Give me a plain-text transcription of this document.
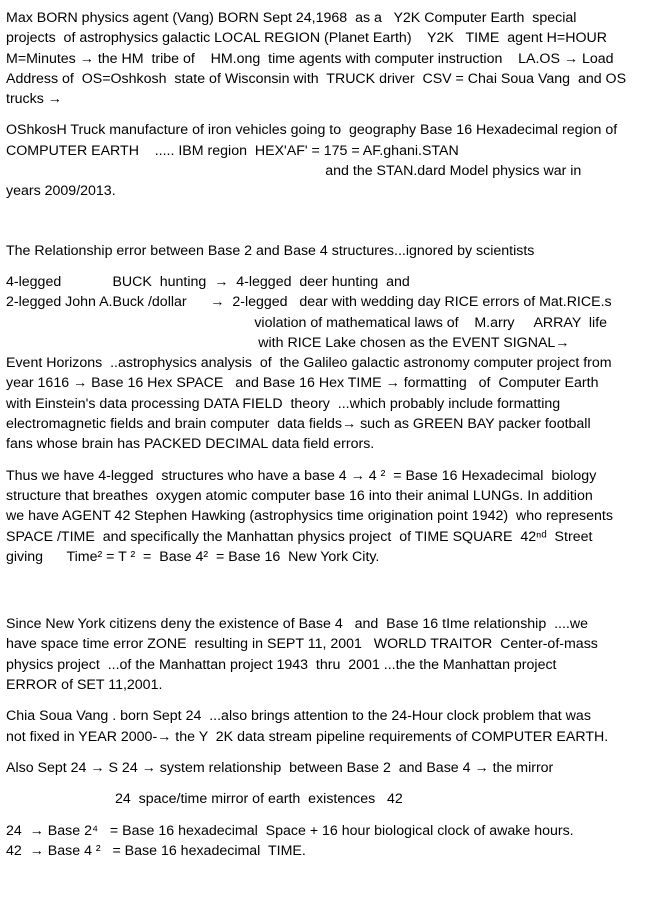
Max BORN physics agent (Vang) BORN Sept 24,1968  as a   Y2K Computer Earth  special
projects  of astrophysics galactic LOCAL REGION (Planet Earth)    Y2K   TIME  agent H=HOUR
M=Minutes → the HM  tribe of    HM.ong  time agents with computer instruction    LA.OS → Load
Address of  OS=Oshkosh  state of Wisconsin with  TRUCK driver  CSV = Chai Soua Vang  and OS
trucks →
OShkosH Truck manufacture of iron vehicles going to  geography Base 16 Hexadecimal region of
COMPUTER EARTH    ..... IBM region  HEX'AF' = 175 = AF.ghani.STAN
and the STAN.dard Model physics war in
years 2009/2013.
The Relationship error between Base 2 and Base 4 structures...ignored by scientists
4-legged             BUCK  hunting  →  4-legged  deer hunting  and
2-legged John A.Buck /dollar      →  2-legged   dear with wedding day RICE errors of Mat.RICE.s
violation of mathematical laws of    M.arry     ARRAY  life
with RICE Lake chosen as the EVENT SIGNAL→
Event Horizons  ..astrophysics analysis  of  the Galileo galactic astronomy computer project from
year 1616 → Base 16 Hex SPACE   and Base 16 Hex TIME → formatting   of  Computer Earth
with Einstein's data processing DATA FIELD  theory  ...which probably include formatting
electromagnetic fields and brain computer  data fields→ such as GREEN BAY packer football
fans whose brain has PACKED DECIMAL data field errors.
Thus we have 4-legged  structures who have a base 4 → 4 ²  = Base 16 Hexadecimal  biology
structure that breathes  oxygen atomic computer base 16 into their animal LUNGs. In addition
we have AGENT 42 Stephen Hawking (astrophysics time origination point 1942)  who represents
SPACE /TIME  and specifically the Manhattan physics project  of TIME SQUARE  42ⁿᵈ  Street
giving      Time² = T ²  =  Base 4²  = Base 16  New York City.
Since New York citizens deny the existence of Base 4   and  Base 16 tIme relationship  ....we
have space time error ZONE  resulting in SEPT 11, 2001   WORLD TRAITOR  Center-of-mass
physics project  ...of the Manhattan project 1943  thru  2001 ...the the Manhattan project
ERROR of SET 11,2001.
Chia Soua Vang . born Sept 24  ...also brings attention to the 24-Hour clock problem that was
not fixed in YEAR 2000-→ the Y  2K data stream pipeline requirements of COMPUTER EARTH.
Also Sept 24 → S 24 → system relationship  between Base 2  and Base 4 → the mirror
24  space/time mirror of earth  existences   42
24  → Base 2⁴   = Base 16 hexadecimal  Space + 16 hour biological clock of awake hours.
42  → Base 4 ²   = Base 16 hexadecimal  TIME.
